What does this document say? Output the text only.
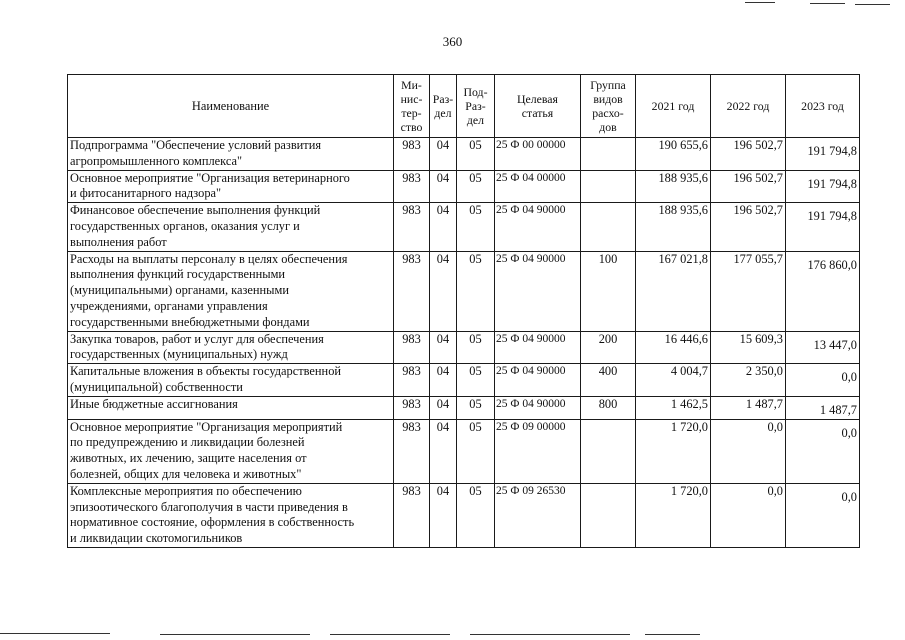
360
Наименование	Ми-
нис-
тер-
ство	Раз-
дел	Под-
Раз-
дел	Целевая
статья	Группа
видов
расхо-
дов	2021 год	2022 год	2023 год

Подпрограмма "Обеспечение условий развития
агропромышленного комплекса"	983	04	05	25 Ф 00 00000		190 655,6	196 502,7	191 794,8

Основное мероприятие "Организация ветеринарного
и фитосанитарного надзора"	983	04	05	25 Ф 04 00000		188 935,6	196 502,7	191 794,8

Финансовое обеспечение выполнения функций
государственных органов, оказания услуг и
выполнения работ	983	04	05	25 Ф 04 90000		188 935,6	196 502,7	191 794,8

Расходы на выплаты персоналу в целях обеспечения
выполнения функций государственными
(муниципальными) органами, казенными
учреждениями, органами управления
государственными внебюджетными фондами	983	04	05	25 Ф 04 90000	100	167 021,8	177 055,7	176 860,0

Закупка товаров, работ и услуг для обеспечения
государственных (муниципальных) нужд	983	04	05	25 Ф 04 90000	200	16 446,6	15 609,3	13 447,0

Капитальные вложения в объекты государственной
(муниципальной) собственности	983	04	05	25 Ф 04 90000	400	4 004,7	2 350,0	0,0

Иные бюджетные ассигнования	983	04	05	25 Ф 04 90000	800	1 462,5	1 487,7	1 487,7

Основное мероприятие "Организация мероприятий
по предупреждению и ликвидации болезней
животных, их лечению, защите населения от
болезней, общих для человека и животных"	983	04	05	25 Ф 09 00000		1 720,0	0,0	0,0

Комплексные мероприятия по обеспечению
эпизоотического благополучия в части приведения в
нормативное состояние, оформления в собственность
и ликвидации скотомогильников	983	04	05	25 Ф 09 26530		1 720,0	0,0	0,0
